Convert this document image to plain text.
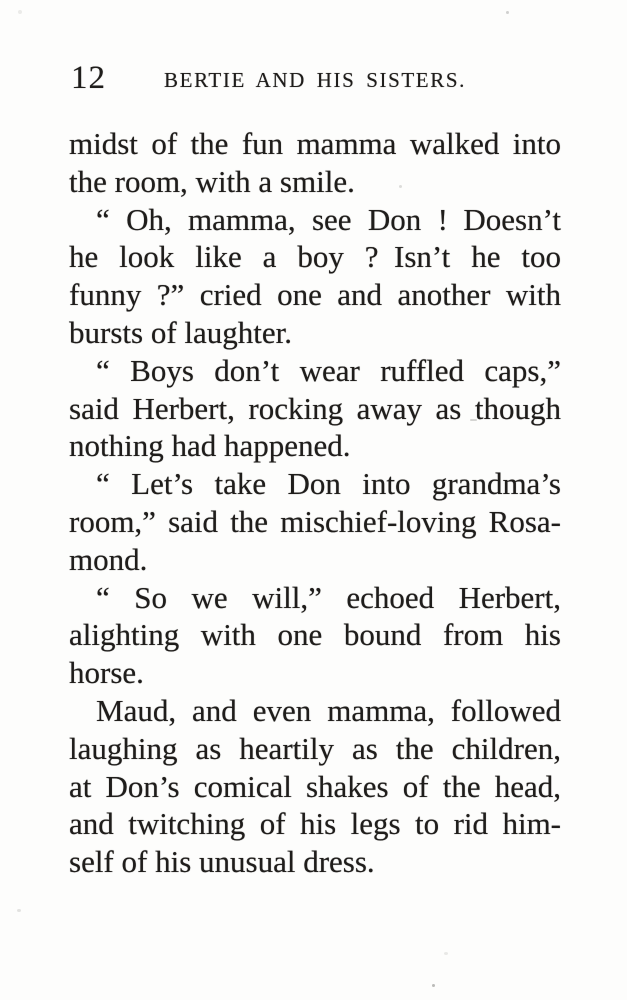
12	BERTIE AND HIS SISTERS.
midst of the fun mamma walked into
the room, with a smile.
“ Oh, mamma, see Don ! Doesn’t
he look like a boy ? Isn’t he too
funny ?” cried one and another with
bursts of laughter.
“ Boys don’t wear ruffled caps,”
said Herbert, rocking away as though
nothing had happened.
“ Let’s take Don into grandma’s
room,” said the mischief-loving Rosa-
mond.
“ So we will,” echoed Herbert,
alighting with one bound from his
horse.
Maud, and even mamma, followed
laughing as heartily as the children,
at Don’s comical shakes of the head,
and twitching of his legs to rid him-
self of his unusual dress.
